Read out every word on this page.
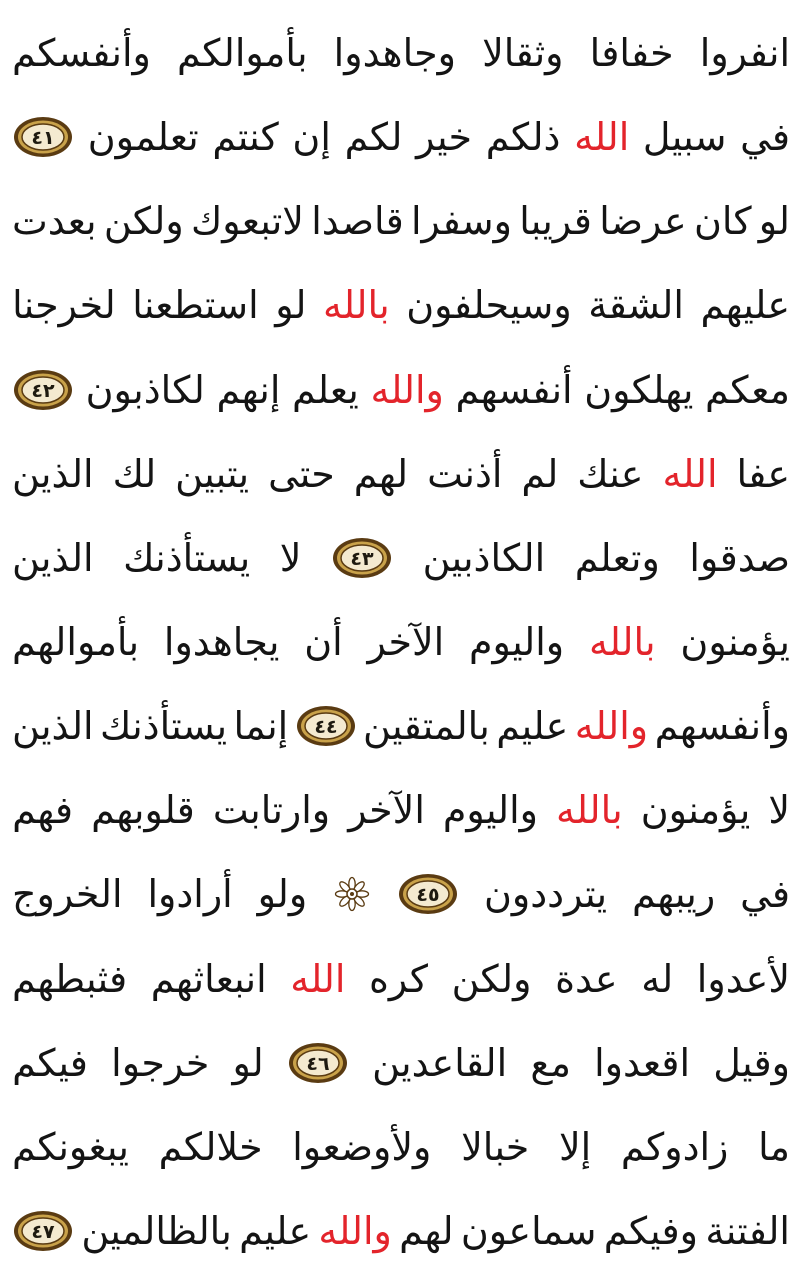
انفروا
خفافا
وثقالا
وجاهدوا
بأموالكم
وأنفسكم
في
سبيل
الله
ذلكم
خير
لكم
إن
كنتم
تعلمون
٤١
لو
كان
عرضا
قريبا
وسفرا
قاصدا
لاتبعوك
ولكن
بعدت
عليهم
الشقة
وسيحلفون
بالله
لو
استطعنا
لخرجنا
معكم
يهلكون
أنفسهم
والله
يعلم
إنهم
لكاذبون
٤٢
عفا
الله
عنك
لم
أذنت
لهم
حتى
يتبين
لك
الذين
صدقوا
وتعلم
الكاذبين
٤٣
لا
يستأذنك
الذين
يؤمنون
بالله
واليوم
الآخر
أن
يجاهدوا
بأموالهم
وأنفسهم
والله
عليم
بالمتقين
٤٤
إنما
يستأذنك
الذين
لا
يؤمنون
بالله
واليوم
الآخر
وارتابت
قلوبهم
فهم
في
ريبهم
يترددون
٤٥
ولو
أرادوا
الخروج
لأعدوا
له
عدة
ولكن
كره
الله
انبعاثهم
فثبطهم
وقيل
اقعدوا
مع
القاعدين
٤٦
لو
خرجوا
فيكم
ما
زادوكم
إلا
خبالا
ولأوضعوا
خلالكم
يبغونكم
الفتنة
وفيكم
سماعون
لهم
والله
عليم
بالظالمين
٤٧
